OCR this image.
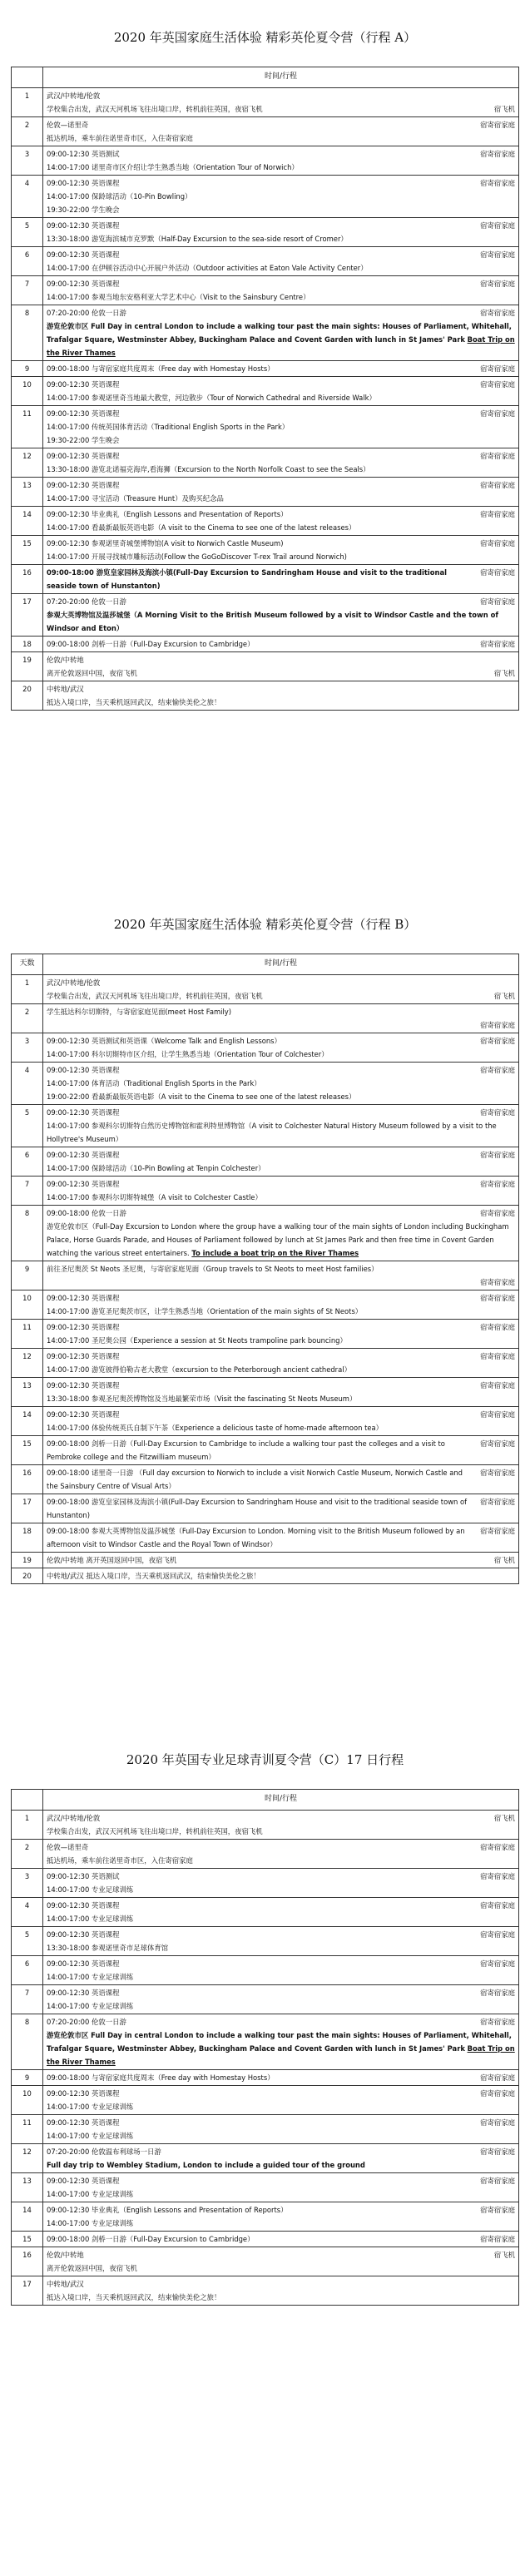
2020 年英国家庭生活体验 精彩英伦夏令营（行程 A）
	时间/行程
1	武汉/中转地/伦敦
学校集合出发，武汉天河机场飞往出境口岸，转机前往英国，夜宿飞机 宿飞机

2	伦敦—诺里奇 宿寄宿家庭
抵达机场，乘车前往诺里奇市区，入住寄宿家庭

3	09:00-12:30 英语测试 宿寄宿家庭
14:00-17:00 诺里奇市区介绍让学生熟悉当地（Orientation Tour of Norwich）

4	09:00-12:30 英语课程 宿寄宿家庭
14:00-17:00 保龄球活动（10-Pin Bowling）
19:30-22:00 学生晚会

5	09:00-12:30 英语课程 宿寄宿家庭
13:30-18:00 游览海滨城市克罗默（Half-Day Excursion to the sea-side resort of Cromer）

6	09:00-12:30 英语课程 宿寄宿家庭
14:00-17:00 在伊顿谷活动中心开展户外活动（Outdoor activities at Eaton Vale Activity Center）

7	09:00-12:30 英语课程 宿寄宿家庭
14:00-17:00 参观当地东安格利亚大学艺术中心（Visit to the Sainsbury Centre）

8	07:20-20:00 伦敦一日游 宿寄宿家庭
游览伦敦市区 Full Day in central London to include a walking tour past the main sights: Houses of Parliament, Whitehall, Trafalgar Square, Westminster Abbey, Buckingham Palace and Covent Garden with lunch in St James' Park Boat Trip on the River Thames

9	09:00-18:00 与寄宿家庭共度周末（Free day with Homestay Hosts） 宿寄宿家庭

10	09:00-12:30 英语课程 宿寄宿家庭
14:00-17:00 参观诺里奇当地最大教堂，河边散步（Tour of Norwich Cathedral and Riverside Walk）

11	09:00-12:30 英语课程 宿寄宿家庭
14:00-17:00 传统英国体育活动（Traditional English Sports in the Park）
19:30-22:00 学生晚会

12	09:00-12:30 英语课程 宿寄宿家庭
13:30-18:00 游览北诺福克海岸,看海狮（Excursion to the North Norfolk Coast to see the Seals）

13	09:00-12:30 英语课程 宿寄宿家庭
14:00-17:00 寻宝活动（Treasure Hunt）及购买纪念品

14	09:00-12:30 毕业典礼（English Lessons and Presentation of Reports） 宿寄宿家庭
14:00-17:00 看最新最版英语电影（A visit to the Cinema to see one of the latest releases）

15	09:00-12:30 参观诺里奇城堡博物馆(A visit to Norwich Castle Museum) 宿寄宿家庭
14:00-17:00 开展寻找城市雕标活动(Follow the GoGoDiscover T-rex Trail around Norwich)

16	宿寄宿家庭
09:00-18:00 游览皇家园林及海滨小镇(Full-Day Excursion to Sandringham House and visit to the traditional seaside town of Hunstanton)

17	07:20-20:00 伦敦一日游 宿寄宿家庭
参观大英博物馆及温莎城堡（A Morning Visit to the British Museum followed by a visit to Windsor Castle and the town of Windsor and Eton）

18	09:00-18:00 剑桥一日游（Full-Day Excursion to Cambridge） 宿寄宿家庭

19	伦敦/中转地
离开伦敦返回中国，夜宿飞机 宿飞机

20	中转地/武汉
抵达入境口岸，当天乘机返回武汉，结束愉快美伦之旅！
2020 年英国家庭生活体验 精彩英伦夏令营（行程 B）
天数	时间/行程
1	武汉/中转地/伦敦
学校集合出发，武汉天河机场飞往出境口岸，转机前往英国，夜宿飞机 宿飞机

2	学生抵达科尔切斯特，与寄宿家庭见面(meet Host Family)
宿寄宿家庭

3	09:00-12:30 英语测试和英语课（Welcome Talk and English Lessons） 宿寄宿家庭
14:00-17:00 科尔切斯特市区介绍，让学生熟悉当地（Orientation Tour of Colchester）

4	09:00-12:30 英语课程 宿寄宿家庭
14:00-17:00 体育活动（Traditional English Sports in the Park）
19:00-22:00 看最新最版英语电影（A visit to the Cinema to see one of the latest releases）

5	09:00-12:30 英语课程 宿寄宿家庭
14:00-17:00 参观科尔切斯特自然历史博物馆和霍利特里博物馆（A visit to Colchester Natural History Museum followed by a visit to the Hollytree's Museum）

6	09:00-12:30 英语课程 宿寄宿家庭
14:00-17:00 保龄球活动（10-Pin Bowling at Tenpin Colchester）

7	09:00-12:30 英语课程 宿寄宿家庭
14:00-17:00 参观科尔切斯特城堡（A visit to Colchester Castle）

8	09:00-18:00 伦敦一日游 宿寄宿家庭
游览伦敦市区（Full-Day Excursion to London where the group have a walking tour of the main sights of London including Buckingham Palace, Horse Guards Parade, and Houses of Parliament followed by lunch at St James Park and then free time in Covent Garden watching the various street entertainers. To include a boat trip on the River Thames

9	前往圣尼奥茨 St Neots 圣尼奥，与寄宿家庭见面（Group travels to St Neots to meet Host families）
宿寄宿家庭

10	09:00-12:30 英语课程 宿寄宿家庭
14:00-17:00 游览圣尼奥茨市区，让学生熟悉当地（Orientation of the main sights of St Neots）

11	09:00-12:30 英语课程 宿寄宿家庭
14:00-17:00 圣尼奥公园（Experience a session at St Neots trampoline park bouncing）

12	09:00-12:30 英语课程 宿寄宿家庭
14:00-17:00 游览彼得伯勒古老大教堂（excursion to the Peterborough ancient cathedral）

13	09:00-12:30 英语课程 宿寄宿家庭
13:30-18:00 参观圣尼奥茨博物馆及当地最繁荣市场（Visit the fascinating St Neots Museum）

14	09:00-12:30 英语课程 宿寄宿家庭
14:00-17:00 体验传统英氏自制下午茶（Experience a delicious taste of home-made afternoon tea）

15	宿寄宿家庭
09:00-18:00 剑桥一日游（Full-Day Excursion to Cambridge to include a walking tour past the colleges and a visit to Pembroke college and the Fitzwilliam museum）

16	宿寄宿家庭
09:00-18:00 诺里奇一日游 （Full day excursion to Norwich to include a visit Norwich Castle Museum, Norwich Castle and the Sainsbury Centre of Visual Arts）

17	宿寄宿家庭
09:00-18:00 游览皇家园林及海滨小镇(Full-Day Excursion to Sandringham House and visit to the traditional seaside town of Hunstanton)

18	宿寄宿家庭
09:00-18:00 参观大英博物馆及温莎城堡（Full-Day Excursion to London. Morning visit to the British Museum followed by an afternoon visit to Windsor Castle and the Royal Town of Windsor）

19	伦敦/中转地 离开英国返回中国，夜宿飞机 宿飞机

20	中转地/武汉 抵达入境口岸，当天乘机返回武汉，结束愉快美伦之旅！
2020 年英国专业足球青训夏令营（C）17 日行程
	时间/行程
1	武汉/中转地/伦敦 宿飞机
学校集合出发，武汉天河机场飞往出境口岸，转机前往英国，夜宿飞机

2	伦敦—诺里奇 宿寄宿家庭
抵达机场，乘车前往诺里奇市区，入住寄宿家庭

3	09:00-12:30 英语测试 宿寄宿家庭
14:00-17:00 专业足球训练

4	09:00-12:30 英语课程 宿寄宿家庭
14:00-17:00 专业足球训练

5	09:00-12:30 英语课程 宿寄宿家庭
13:30-18:00 参观诺里奇市足球体育馆

6	09:00-12:30 英语课程 宿寄宿家庭
14:00-17:00 专业足球训练

7	09:00-12:30 英语课程 宿寄宿家庭
14:00-17:00 专业足球训练

8	07:20-20:00 伦敦一日游 宿寄宿家庭
游览伦敦市区 Full Day in central London to include a walking tour past the main sights: Houses of Parliament, Whitehall, Trafalgar Square, Westminster Abbey, Buckingham Palace and Covent Garden with lunch in St James' Park Boat Trip on the River Thames

9	09:00-18:00 与寄宿家庭共度周末（Free day with Homestay Hosts） 宿寄宿家庭

10	09:00-12:30 英语课程 宿寄宿家庭
14:00-17:00 专业足球训练

11	09:00-12:30 英语课程 宿寄宿家庭
14:00-17:00 专业足球训练

12	07:20-20:00 伦敦温布利球场一日游 宿寄宿家庭
Full day trip to Wembley Stadium, London to include a guided tour of the ground

13	09:00-12:30 英语课程 宿寄宿家庭
14:00-17:00 专业足球训练

14	09:00-12:30 毕业典礼（English Lessons and Presentation of Reports） 宿寄宿家庭
14:00-17:00 专业足球训练

15	09:00-18:00 剑桥一日游（Full-Day Excursion to Cambridge） 宿寄宿家庭

16	伦敦/中转地 宿飞机
离开伦敦返回中国，夜宿飞机

17	中转地/武汉
抵达入境口岸，当天乘机返回武汉，结束愉快美伦之旅！
